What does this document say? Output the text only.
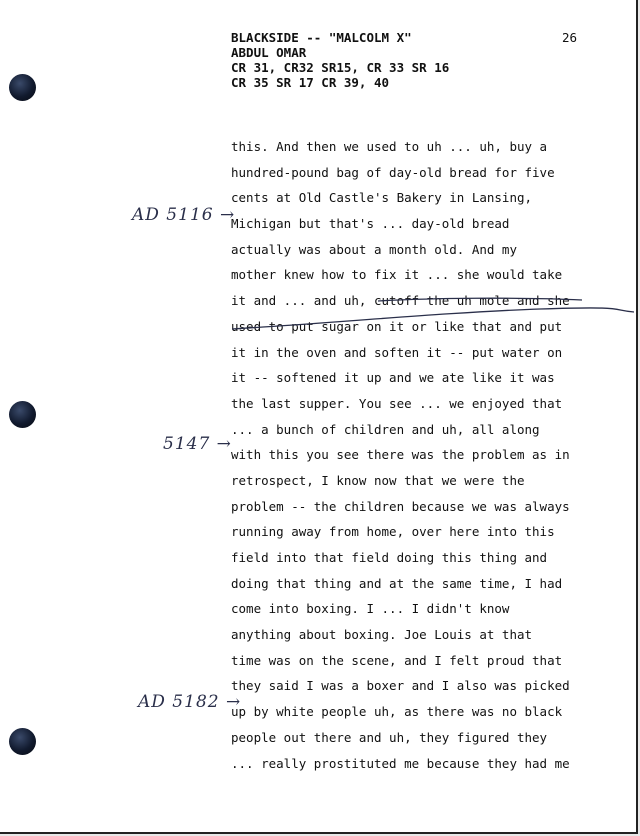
BLACKSIDE -- "MALCOLM X"
ABDUL OMAR
CR 31, CR32 SR15, CR 33 SR 16
CR 35 SR 17 CR 39, 40
26
this. And then we used to uh ... uh, buy a
hundred-pound bag of day-old bread for five
cents at Old Castle's Bakery in Lansing,
Michigan but that's ... day-old bread
actually was about a month old. And my
mother knew how to fix it ... she would take
it and ... and uh, cutoff the uh mole and she
used to put sugar on it or like that and put
it in the oven and soften it -- put water on
it -- softened it up and we ate like it was
the last supper. You see ... we enjoyed that
... a bunch of children and uh, all along
with this you see there was the problem as in
retrospect, I know now that we were the
problem -- the children because we was always
running away from home, over here into this
field into that field doing this thing and
doing that thing and at the same time, I had
come into boxing. I ... I didn't know
anything about boxing. Joe Louis at that
time was on the scene, and I felt proud that
they said I was a boxer and I also was picked
up by white people uh, as there was no black
people out there and uh, they figured they
... really prostituted me because they had me
AD 5116 →
5147 →
AD 5182 →
